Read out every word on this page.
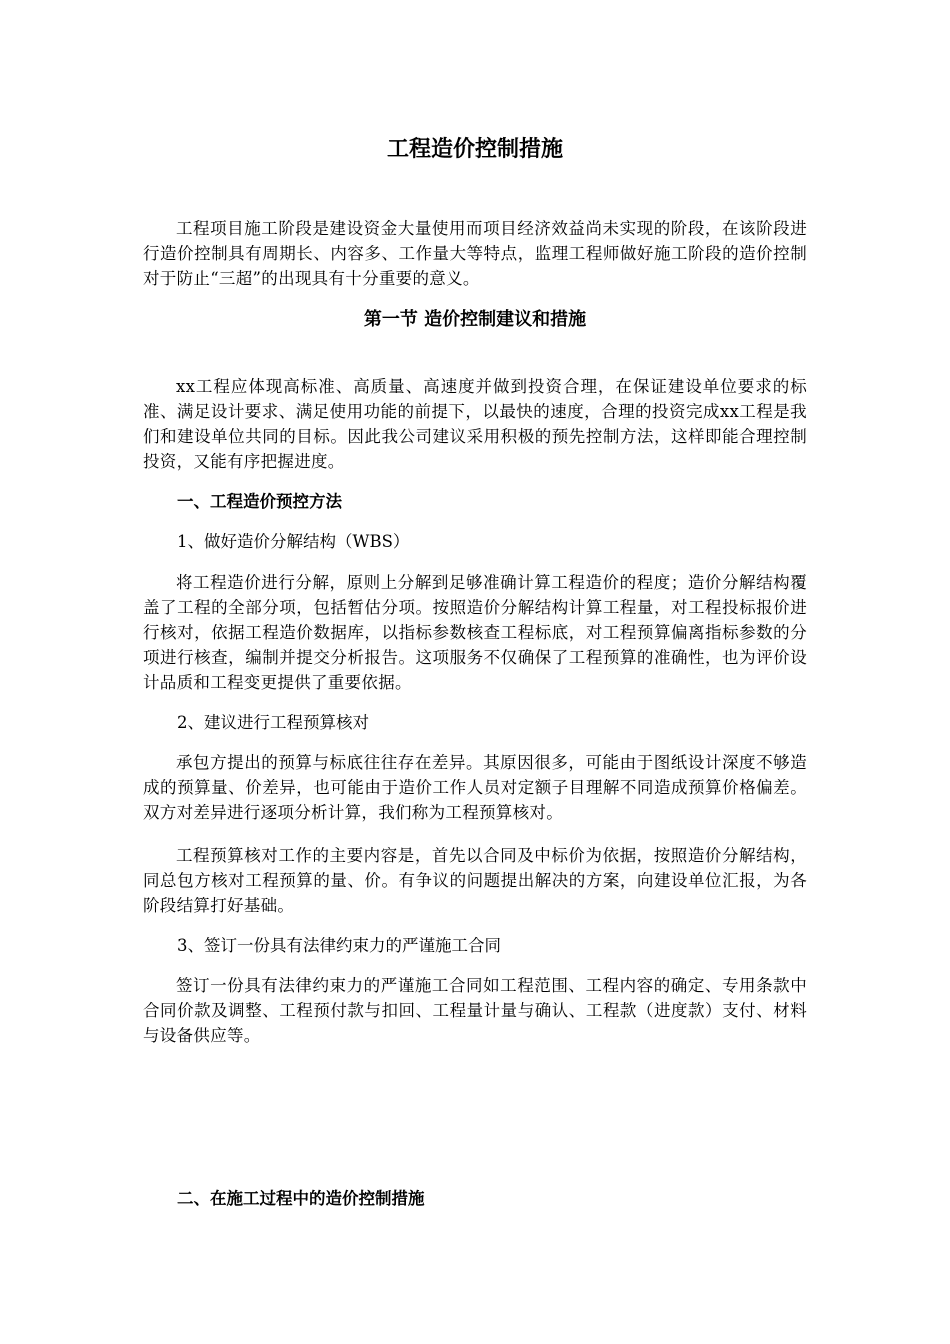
工程造价控制措施

工程项目施工阶段是建设资金大量使用而项目经济效益尚未实现的阶段，在该阶段进行造价控制具有周期长、内容多、工作量大等特点，监理工程师做好施工阶段的造价控制对于防止“三超”的出现具有十分重要的意义。

第一节 造价控制建议和措施

xx工程应体现高标准、高质量、高速度并做到投资合理，在保证建设单位要求的标准、满足设计要求、满足使用功能的前提下，以最快的速度，合理的投资完成xx工程是我们和建设单位共同的目标。因此我公司建议采用积极的预先控制方法，这样即能合理控制投资，又能有序把握进度。

一、工程造价预控方法

1、做好造价分解结构（WBS）

将工程造价进行分解，原则上分解到足够准确计算工程造价的程度；造价分解结构覆盖了工程的全部分项，包括暂估分项。按照造价分解结构计算工程量，对工程投标报价进行核对，依据工程造价数据库，以指标参数核查工程标底，对工程预算偏离指标参数的分项进行核查，编制并提交分析报告。这项服务不仅确保了工程预算的准确性，也为评价设计品质和工程变更提供了重要依据。

2、建议进行工程预算核对

承包方提出的预算与标底往往存在差异。其原因很多，可能由于图纸设计深度不够造成的预算量、价差异，也可能由于造价工作人员对定额子目理解不同造成预算价格偏差。双方对差异进行逐项分析计算，我们称为工程预算核对。

工程预算核对工作的主要内容是，首先以合同及中标价为依据，按照造价分解结构，同总包方核对工程预算的量、价。有争议的问题提出解决的方案，向建设单位汇报，为各阶段结算打好基础。

3、签订一份具有法律约束力的严谨施工合同

签订一份具有法律约束力的严谨施工合同如工程范围、工程内容的确定、专用条款中合同价款及调整、工程预付款与扣回、工程量计量与确认、工程款（进度款）支付、材料与设备供应等。

二、在施工过程中的造价控制措施
